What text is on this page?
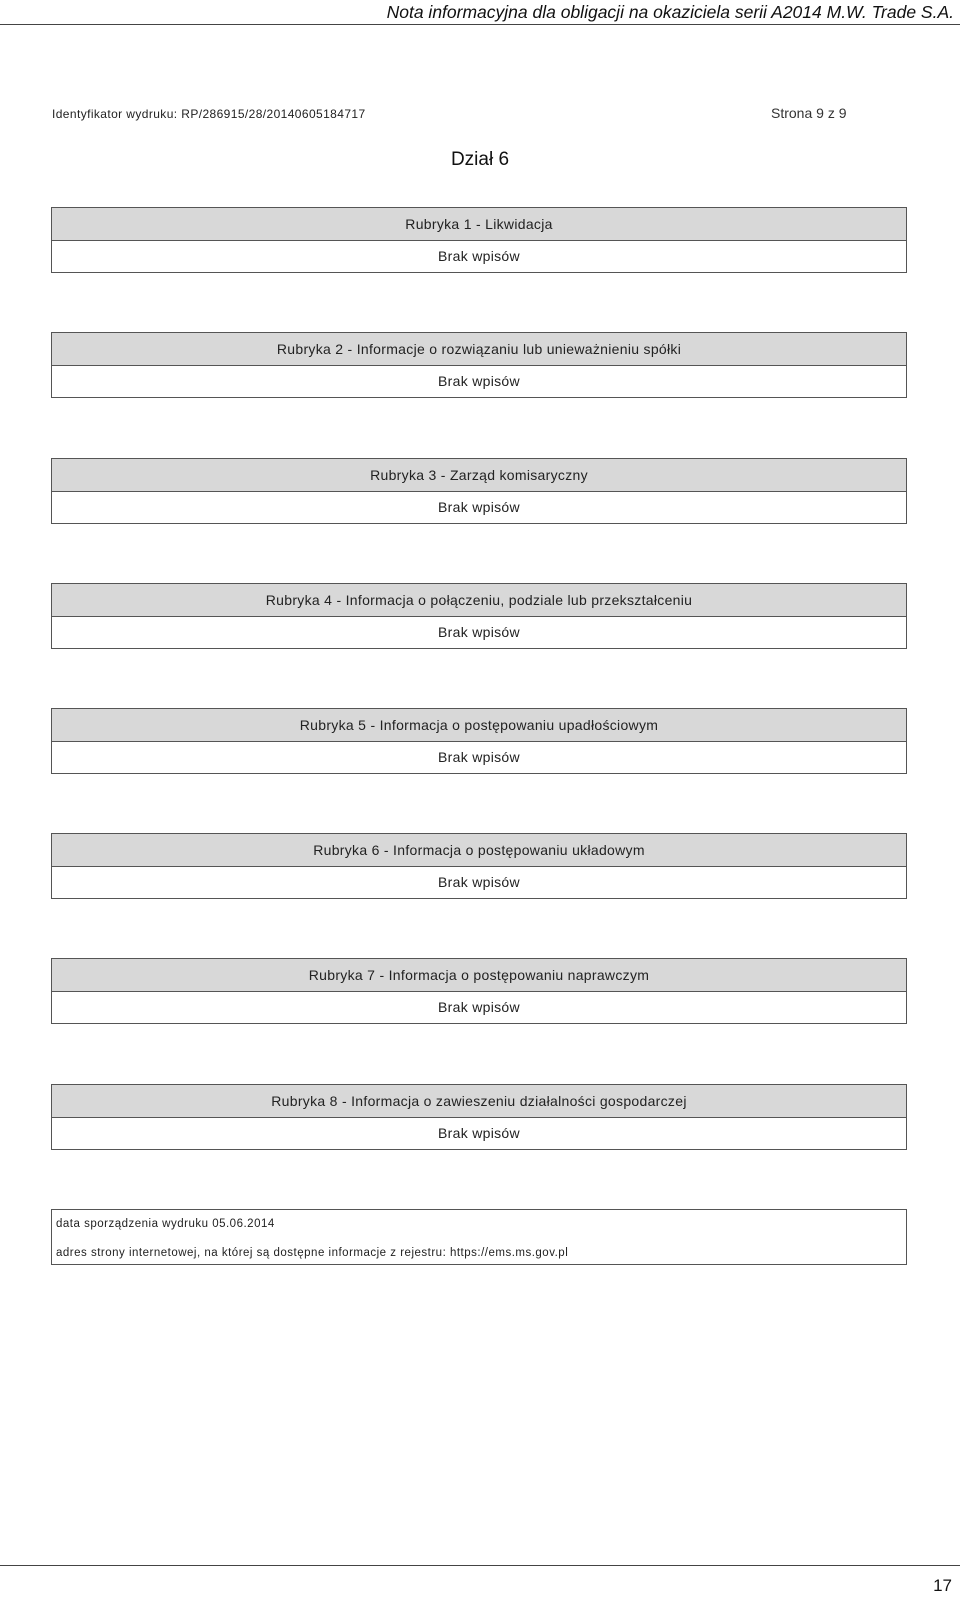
Nota informacyjna dla obligacji na okaziciela serii A2014 M.W. Trade S.A.
Identyfikator wydruku: RP/286915/28/20140605184717	Strona 9 z 9
Dział 6
Rubryka 1 - Likwidacja
Brak wpisów
Rubryka 2 - Informacje o rozwiązaniu lub unieważnieniu spółki
Brak wpisów
Rubryka 3 - Zarząd komisaryczny
Brak wpisów
Rubryka 4 - Informacja o połączeniu, podziale lub przekształceniu
Brak wpisów
Rubryka 5 - Informacja o postępowaniu upadłościowym
Brak wpisów
Rubryka 6 - Informacja o postępowaniu układowym
Brak wpisów
Rubryka 7 - Informacja o postępowaniu naprawczym
Brak wpisów
Rubryka 8 - Informacja o zawieszeniu działalności gospodarczej
Brak wpisów
data sporządzenia wydruku 05.06.2014
adres strony internetowej, na której są dostępne informacje z rejestru: https://ems.ms.gov.pl
17
